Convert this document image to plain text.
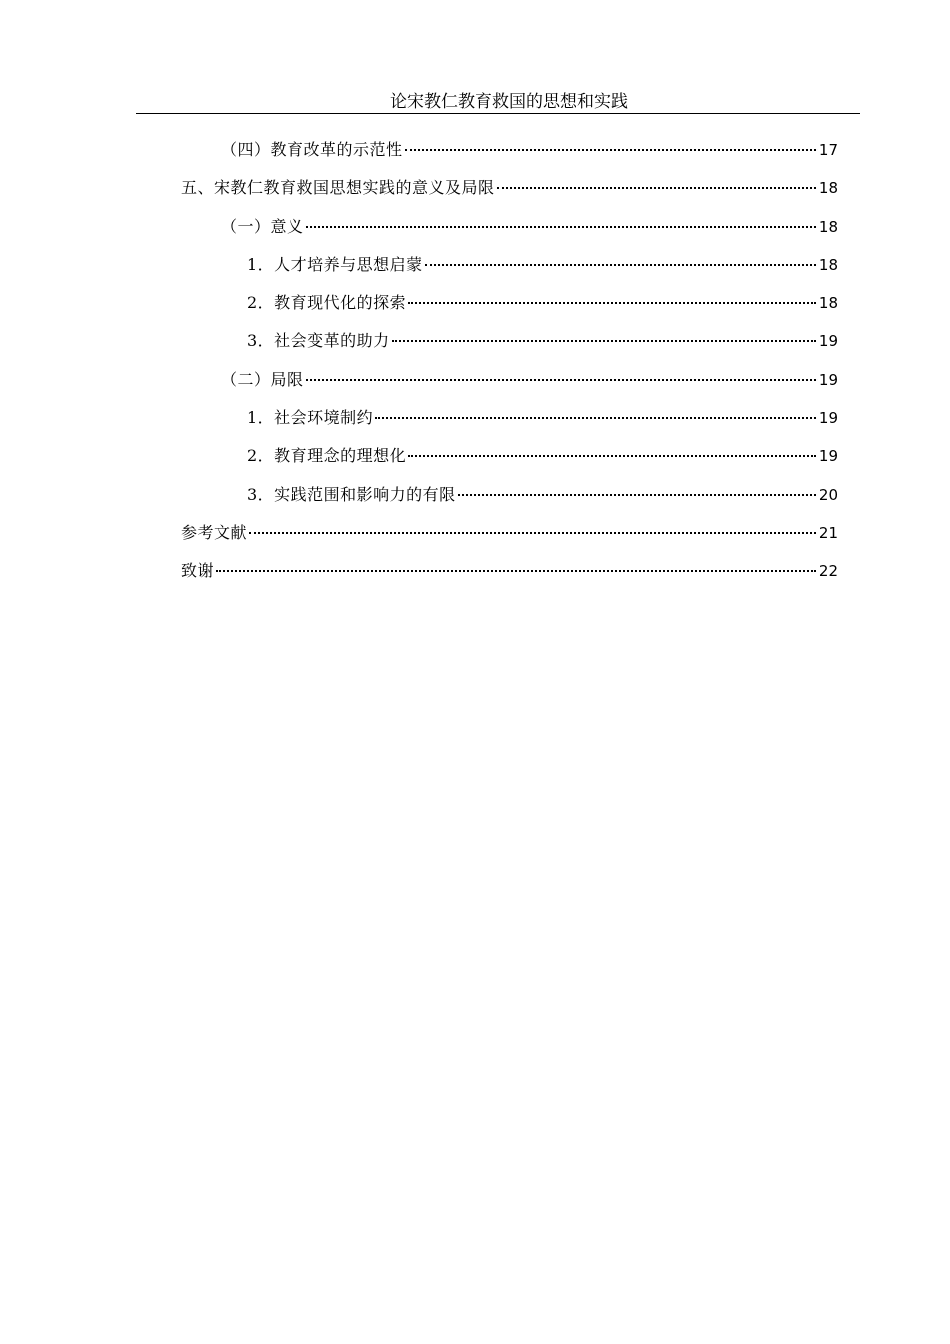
论宋教仁教育救国的思想和实践
（四）教育改革的示范性	17
五、宋教仁教育救国思想实践的意义及局限	18
（一）意义	18
1．人才培养与思想启蒙	18
2．教育现代化的探索	18
3．社会变革的助力	19
（二）局限	19
1．社会环境制约	19
2．教育理念的理想化	19
3．实践范围和影响力的有限	20
参考文献	21
致谢	22
